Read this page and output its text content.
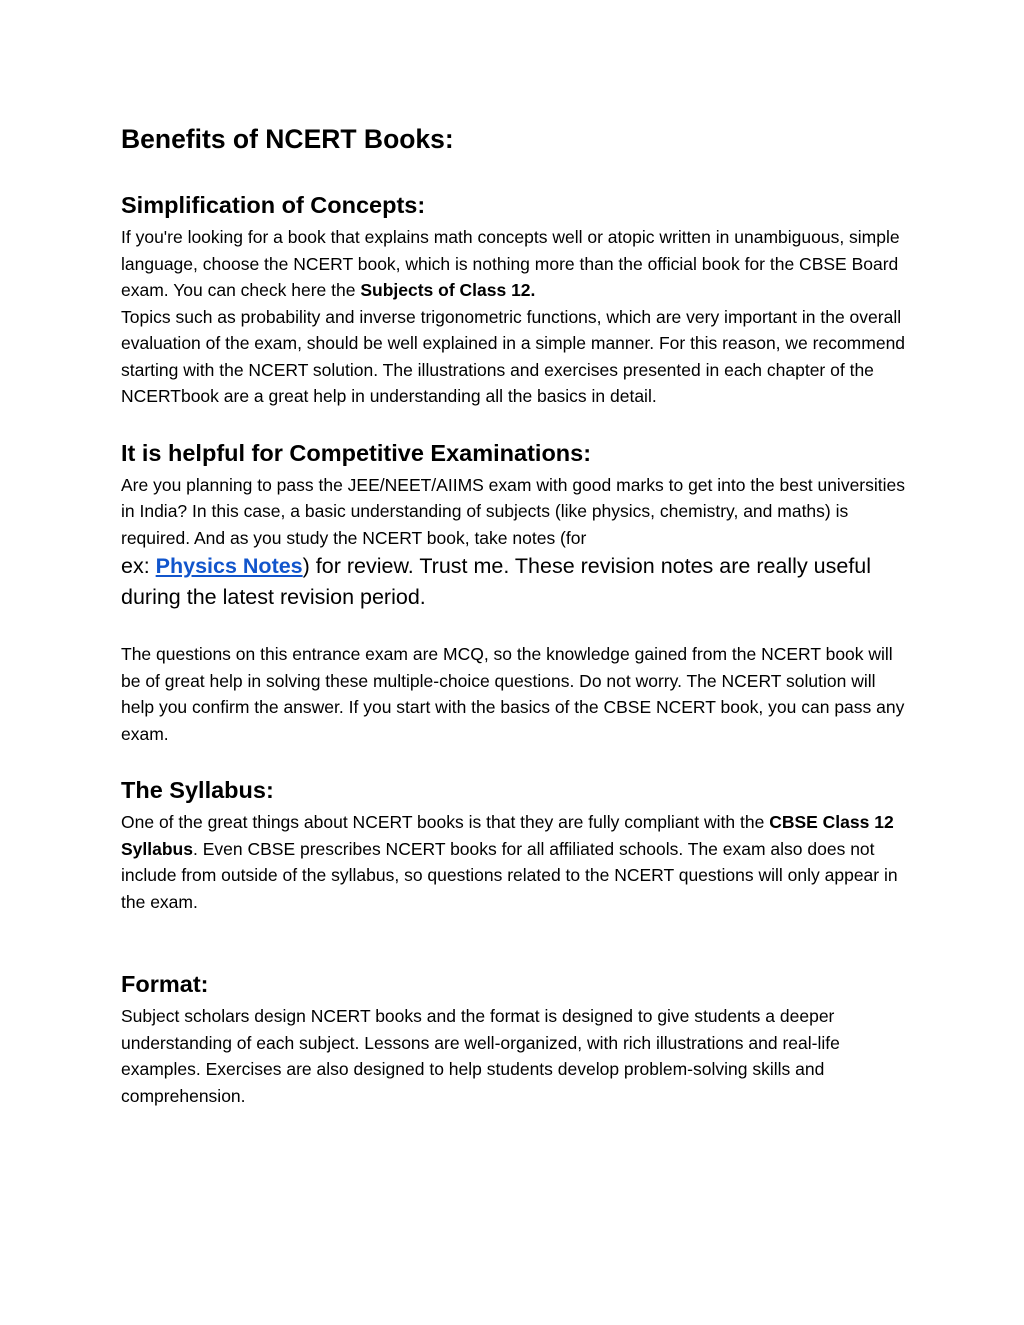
Benefits of NCERT Books:
Simplification of Concepts:

If you're looking for a book that explains math concepts well or atopic written in unambiguous, simple language, choose the NCERT book, which is nothing more than the official book for the CBSE Board exam. You can check here the Subjects of Class 12.

Topics such as probability and inverse trigonometric functions, which are very important in the overall evaluation of the exam, should be well explained in a simple manner. For this reason, we recommend starting with the NCERT solution. The illustrations and exercises presented in each chapter of the NCERTbook are a great help in understanding all the basics in detail.

It is helpful for Competitive Examinations:

Are you planning to pass the JEE/NEET/AIIMS exam with good marks to get into the best universities in India? In this case, a basic understanding of subjects (like physics, chemistry, and maths) is required. And as you study the NCERT book, take notes (for
ex: Physics Notes) for review. Trust me. These revision notes are really useful during the latest revision period.

The questions on this entrance exam are MCQ, so the knowledge gained from the NCERT book will be of great help in solving these multiple-choice questions. Do not worry. The NCERT solution will help you confirm the answer. If you start with the basics of the CBSE NCERT book, you can pass any exam.

The Syllabus:

One of the great things about NCERT books is that they are fully compliant with the CBSE Class 12 Syllabus. Even CBSE prescribes NCERT books for all affiliated schools. The exam also does not include from outside of the syllabus, so questions related to the NCERT questions will only appear in the exam.

Format:

Subject scholars design NCERT books and the format is designed to give students a deeper understanding of each subject. Lessons are well-organized, with rich illustrations and real-life examples. Exercises are also designed to help students develop problem-solving skills and comprehension.
